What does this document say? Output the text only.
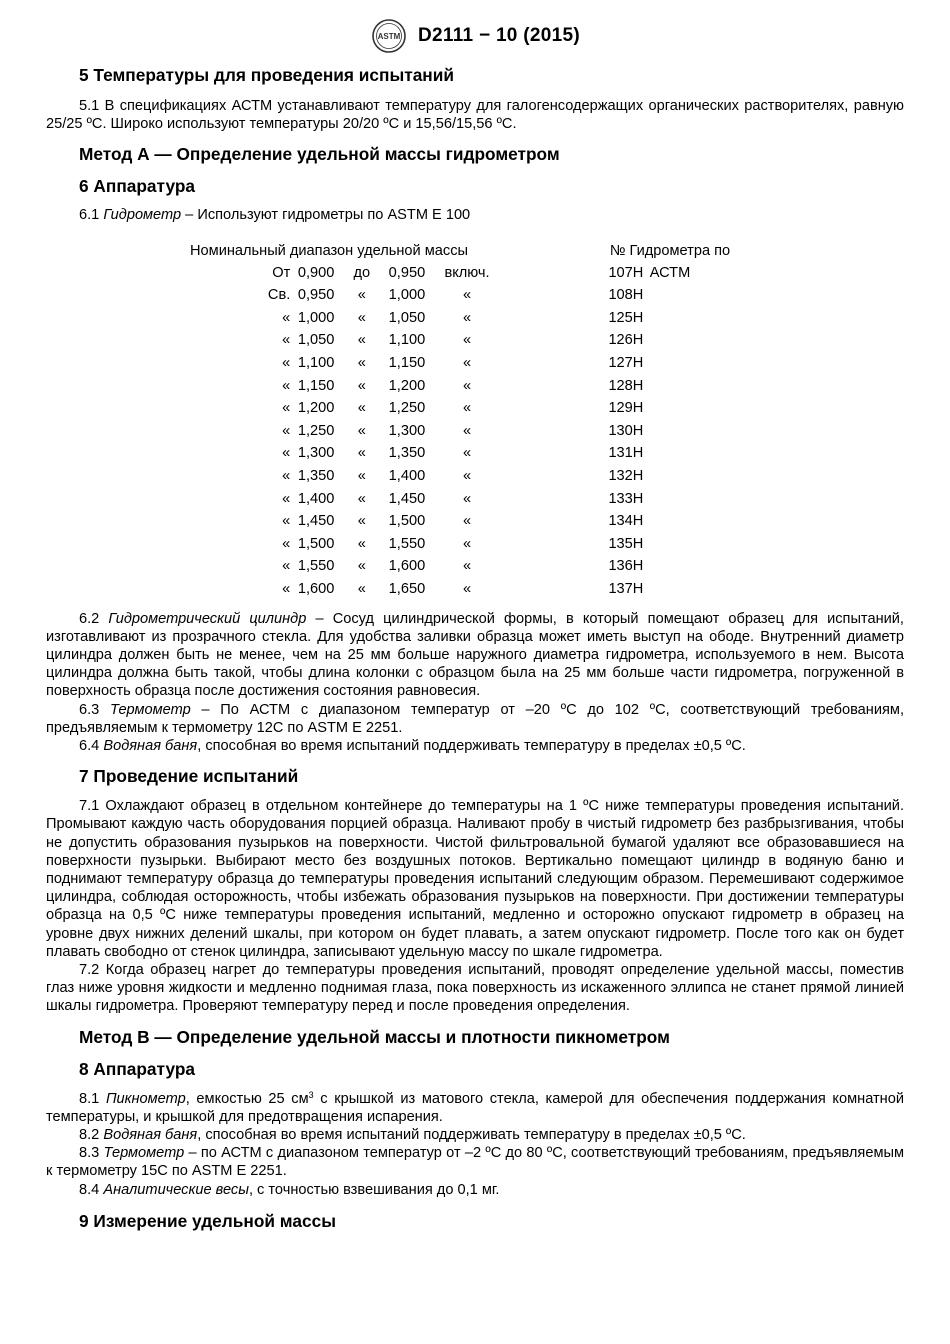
ASTM D2111 − 10 (2015)
5 Температуры для проведения испытаний

5.1 В спецификациях АСТМ устанавливают температуру для галогенсодержащих органических растворителях, равную 25/25 ºС. Широко используют температуры 20/20 ºС и 15,56/15,56 ºС.

Метод А — Определение удельной массы гидрометром
6 Аппаратура

6.1 Гидрометр – Используют гидрометры по ASTM E 100

Номинальный диапазон удельной массы	№ Гидрометра по АСТМ
От 0,900	до	0,950	включ.	107H
Св. 0,950	«	1,000	«	108H
« 1,000	«	1,050	«	125H
« 1,050	«	1,100	«	126H
« 1,100	«	1,150	«	127H
« 1,150	«	1,200	«	128H
« 1,200	«	1,250	«	129H
« 1,250	«	1,300	«	130H
« 1,300	«	1,350	«	131H
« 1,350	«	1,400	«	132H
« 1,400	«	1,450	«	133H
« 1,450	«	1,500	«	134H
« 1,500	«	1,550	«	135H
« 1,550	«	1,600	«	136H
« 1,600	«	1,650	«	137H

6.2 Гидрометрический цилиндр – Сосуд цилиндрической формы, в который помещают образец для испытаний, изготавливают из прозрачного стекла. Для удобства заливки образца может иметь выступ на ободе. Внутренний диаметр цилиндра должен быть не менее, чем на 25 мм больше наружного диаметра гидрометра, используемого в нем. Высота цилиндра должна быть такой, чтобы длина колонки с образцом была на 25 мм больше части гидрометра, погруженной в поверхность образца после достижения состояния равновесия.

6.3 Термометр – По АСТМ с диапазоном температур от –20 ºС до 102 ºС, соответствующий требованиям, предъявляемым к термометру 12С по ASTM E 2251.

6.4 Водяная баня, способная во время испытаний поддерживать температуру в пределах ±0,5 ºС.

7 Проведение испытаний

7.1 Охлаждают образец в отдельном контейнере до температуры на 1 ºС ниже температуры проведения испытаний. Промывают каждую часть оборудования порцией образца. Наливают пробу в чистый гидрометр без разбрызгивания, чтобы не допустить образования пузырьков на поверхности. Чистой фильтровальной бумагой удаляют все образовавшиеся на поверхности пузырьки. Выбирают место без воздушных потоков. Вертикально помещают цилиндр в водяную баню и поднимают температуру образца до температуры проведения испытаний следующим образом. Перемешивают содержимое цилиндра, соблюдая осторожность, чтобы избежать образования пузырьков на поверхности. При достижении температуры образца на 0,5 ºС ниже температуры проведения испытаний, медленно и осторожно опускают гидрометр в образец на уровне двух нижних делений шкалы, при котором он будет плавать, а затем опускают гидрометр. После того как он будет плавать свободно от стенок цилиндра, записывают удельную массу по шкале гидрометра.

7.2 Когда образец нагрет до температуры проведения испытаний, проводят определение удельной массы, поместив глаз ниже уровня жидкости и медленно поднимая глаза, пока поверхность из искаженного эллипса не станет прямой линией шкалы гидрометра. Проверяют температуру перед и после проведения определения.

Метод В — Определение удельной массы и плотности пикнометром
8 Аппаратура

8.1 Пикнометр, емкостью 25 $см^3$ с крышкой из матового стекла, камерой для обеспечения поддержания комнатной температуры, и крышкой для предотвращения испарения.

8.2 Водяная баня, способная во время испытаний поддерживать температуру в пределах ±0,5 ºС.

8.3 Термометр – по АСТМ с диапазоном температур от –2 ºС до 80 ºС, соответствующий требованиям, предъявляемым к термометру 15С по ASTM E 2251.

8.4 Аналитические весы, с точностью взвешивания до 0,1 мг.

9 Измерение удельной массы
